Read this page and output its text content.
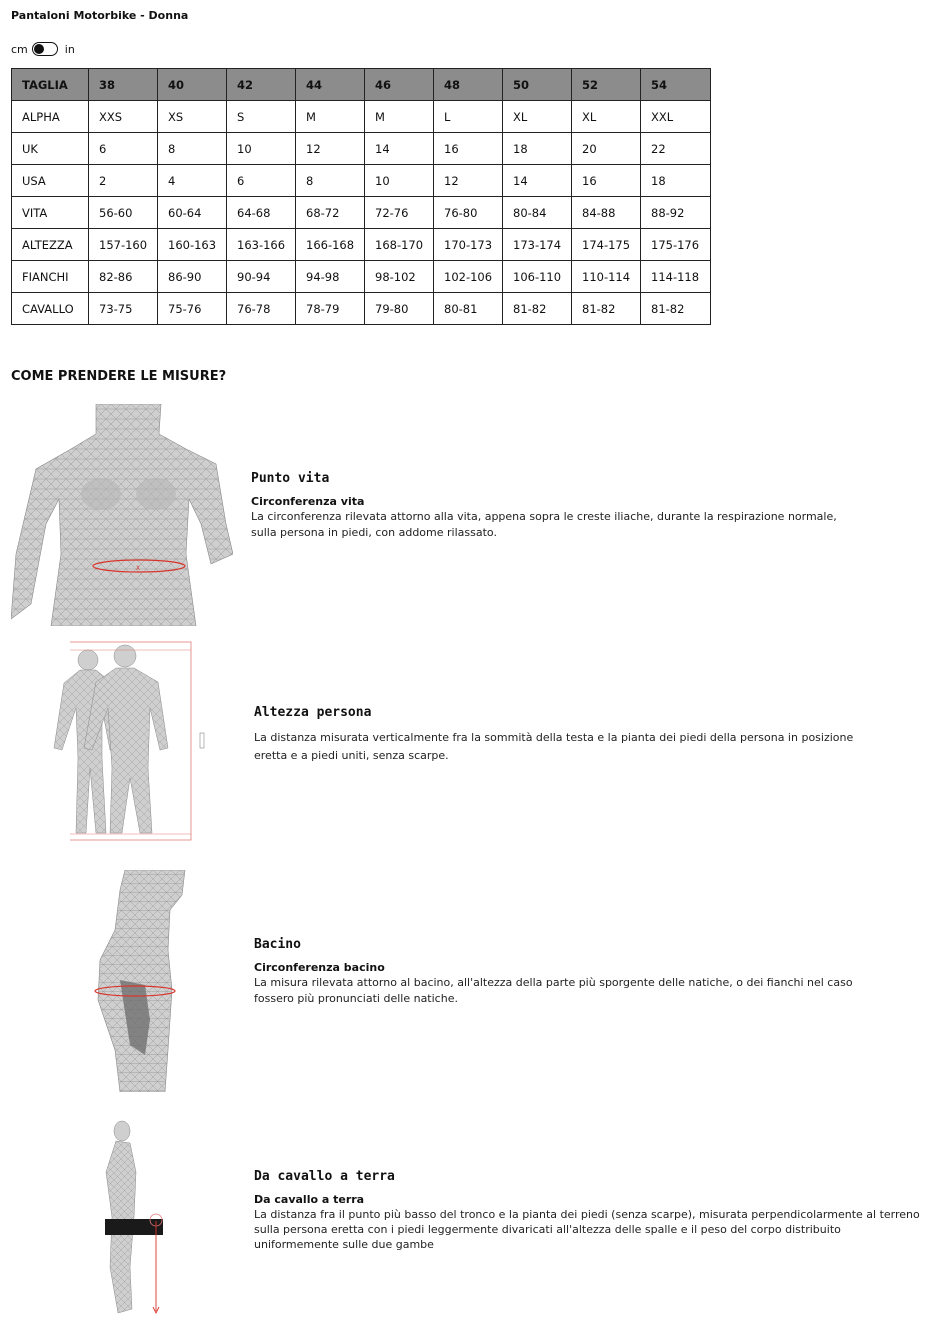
Pantaloni Motorbike - Donna
cm	in
TAGLIA	38	40	42	44	46	48	50	52	54
ALPHA	XXS	XS	S	M	M	L	XL	XL	XXL
UK	6	8	10	12	14	16	18	20	22
USA	2	4	6	8	10	12	14	16	18
VITA	56-60	60-64	64-68	68-72	72-76	76-80	80-84	84-88	88-92
ALTEZZA	157-160	160-163	163-166	166-168	168-170	170-173	173-174	174-175	175-176
FIANCHI	82-86	86-90	90-94	94-98	98-102	102-106	106-110	110-114	114-118
CAVALLO	73-75	75-76	76-78	78-79	79-80	80-81	81-82	81-82	81-82
COME PRENDERE LE MISURE?
X
Punto vita
Circonferenza vita
La circonferenza rilevata attorno alla vita, appena sopra le creste iliache, durante la respirazione normale, sulla persona in piedi, con addome rilassato.
Altezza persona
La distanza misurata verticalmente fra la sommità della testa e la pianta dei piedi della persona in posizione eretta e a piedi uniti, senza scarpe.
Bacino
Circonferenza bacino
La misura rilevata attorno al bacino, all'altezza della parte più sporgente delle natiche, o dei fianchi nel caso fossero più pronunciati delle natiche.
Da cavallo a terra
Da cavallo a terra
La distanza fra il punto più basso del tronco e la pianta dei piedi (senza scarpe), misurata perpendicolarmente al terreno sulla persona eretta con i piedi leggermente divaricati all'altezza delle spalle e il peso del corpo distribuito uniformemente sulle due gambe
